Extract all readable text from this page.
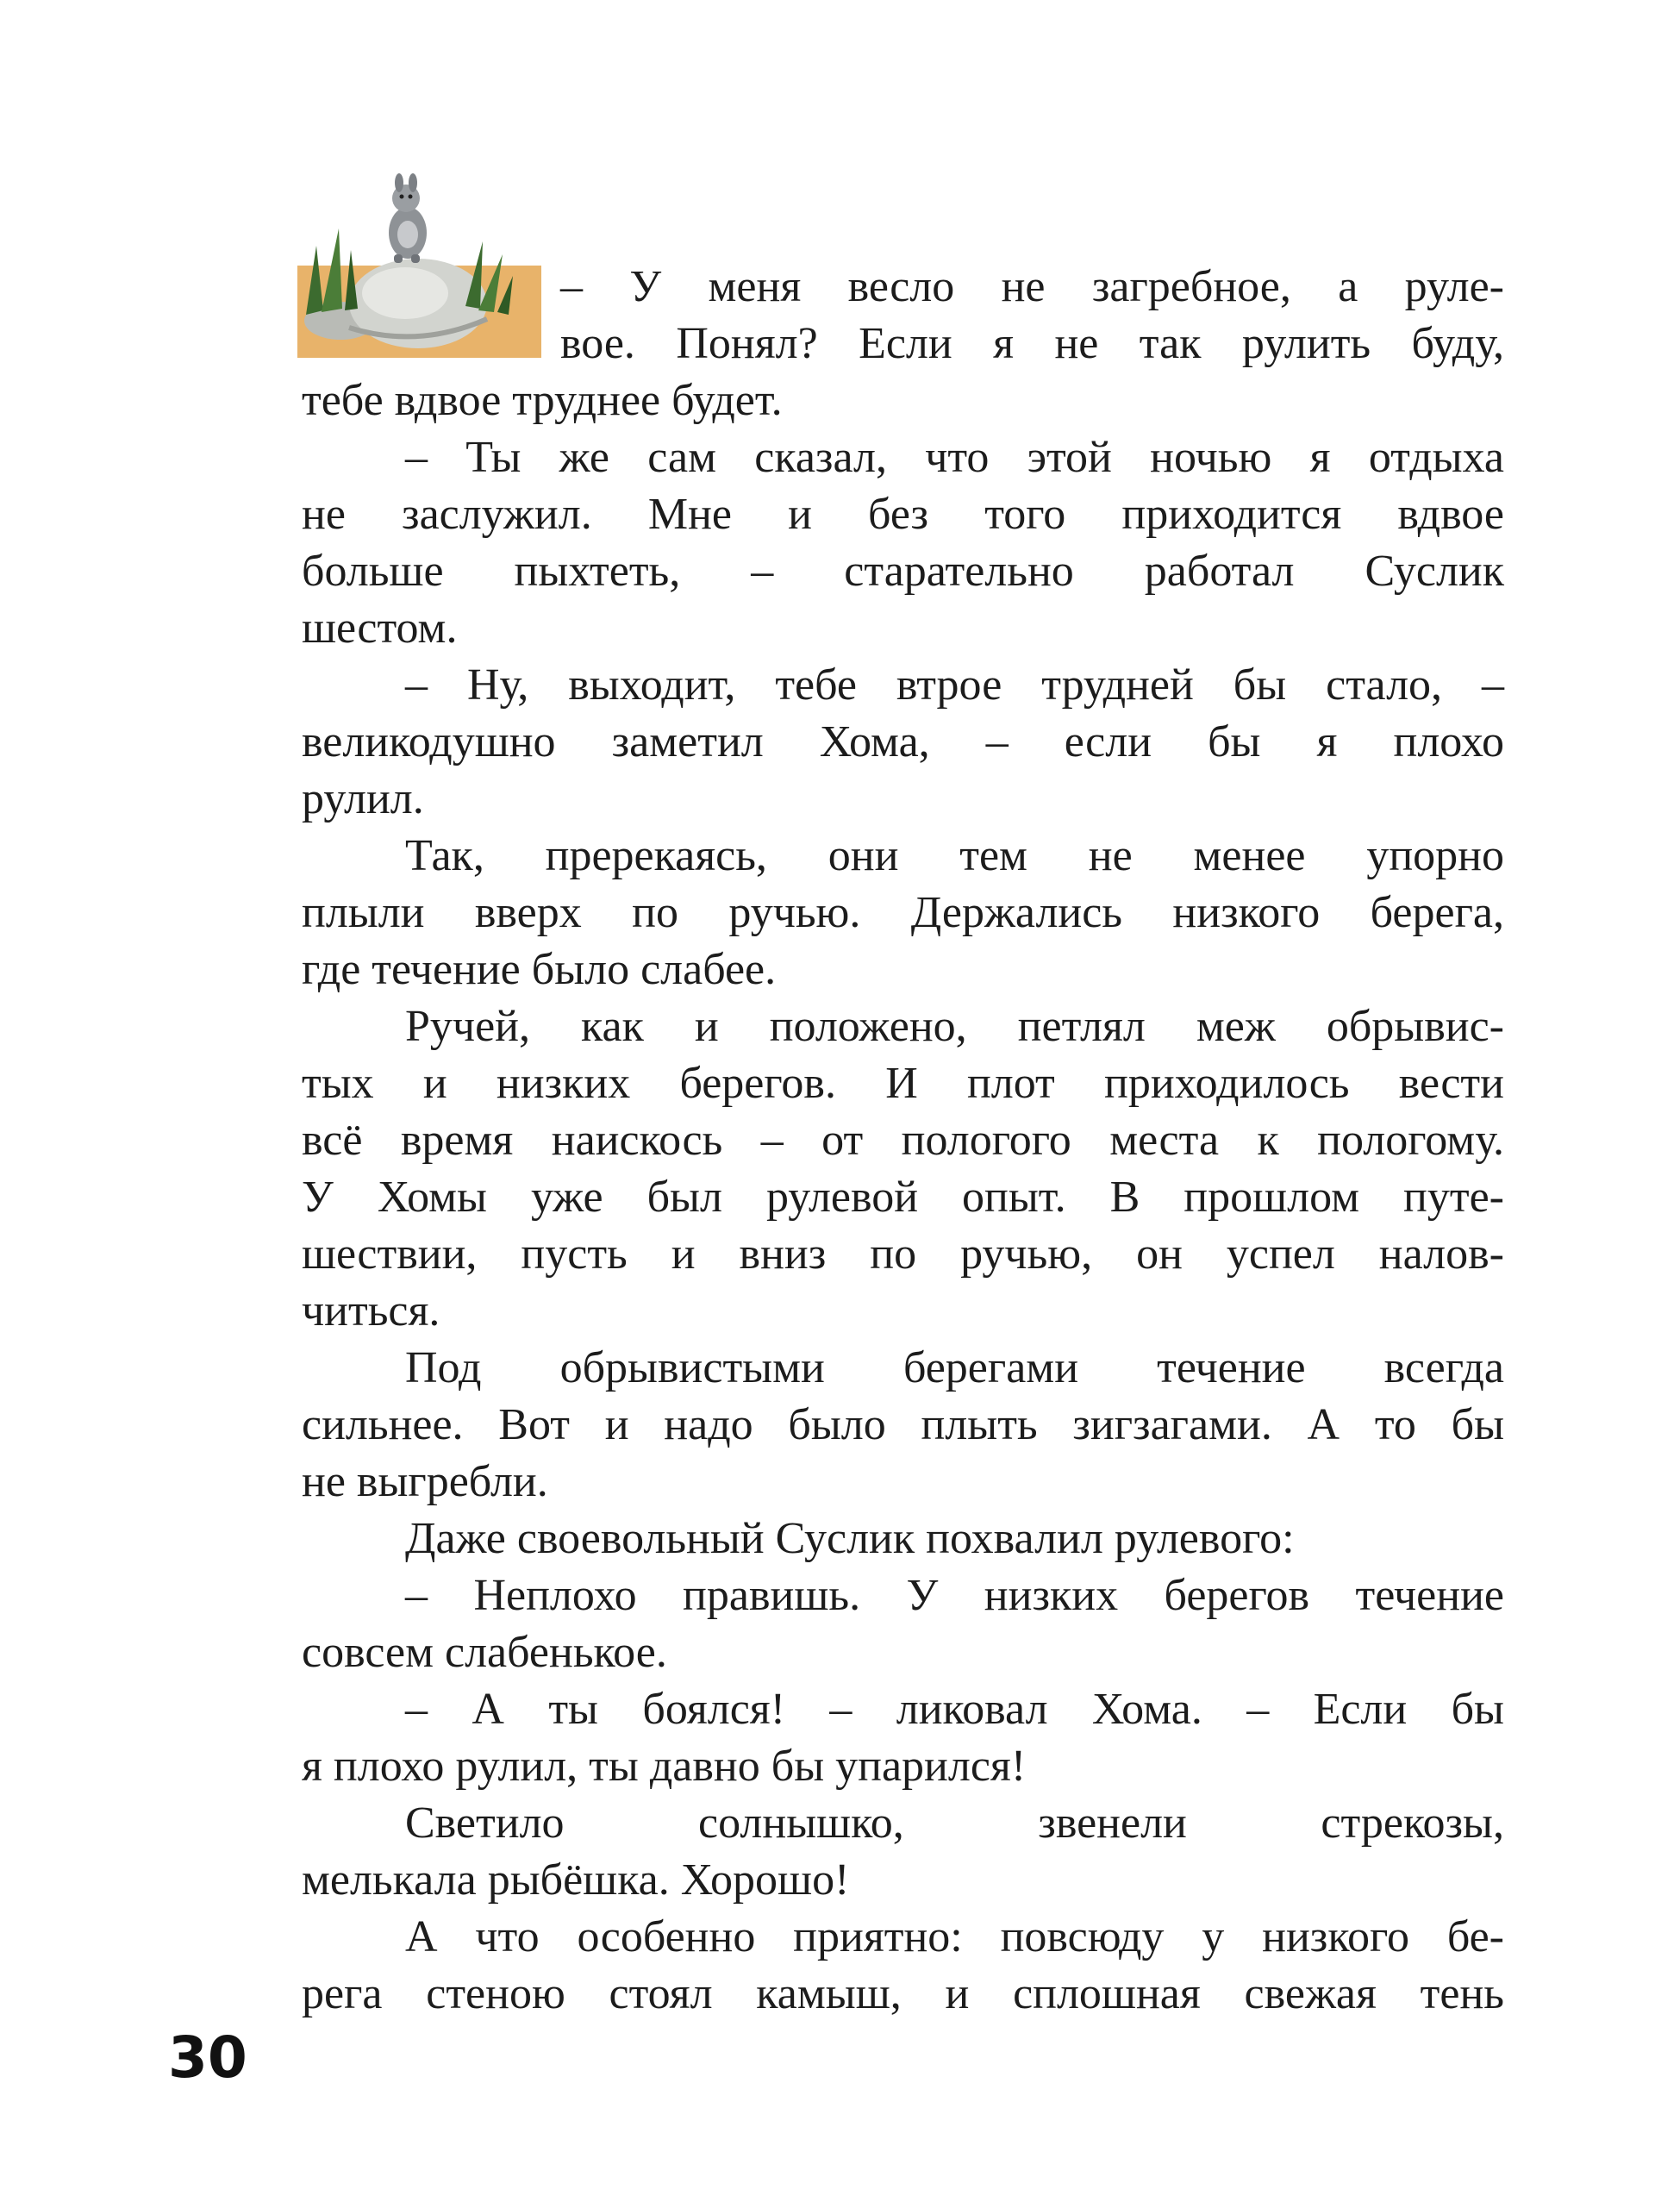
– У меня весло не загребное, а руле-
вое. Понял? Если я не так рулить буду,
тебе вдвое труднее будет.
– Ты же сам сказал, что этой ночью я отдыха
не заслужил. Мне и без того приходится вдвое
больше пыхтеть, – старательно работал Суслик
шестом.
– Ну, выходит, тебе втрое трудней бы стало, –
великодушно заметил Хома, – если бы я плохо
рулил.
Так, пререкаясь, они тем не менее упорно
плыли вверх по ручью. Держались низкого берега,
где течение было слабее.
Ручей, как и положено, петлял меж обрывис-
тых и низких берегов. И плот приходилось вести
всё время наискось – от пологого места к пологому.
У Хомы уже был рулевой опыт. В прошлом путе-
шествии, пусть и вниз по ручью, он успел налов-
читься.
Под обрывистыми берегами течение всегда
сильнее. Вот и надо было плыть зигзагами. А то бы
не выгребли.
Даже своевольный Суслик похвалил рулевого:
– Неплохо правишь. У низких берегов течение
совсем слабенькое.
– А ты боялся! – ликовал Хома. – Если бы
я плохо рулил, ты давно бы упарился!
Светило солнышко, звенели стрекозы,
мелькала рыбёшка. Хорошо!
А что особенно приятно: повсюду у низкого бе-
рега стеною стоял камыш, и сплошная свежая тень
30
